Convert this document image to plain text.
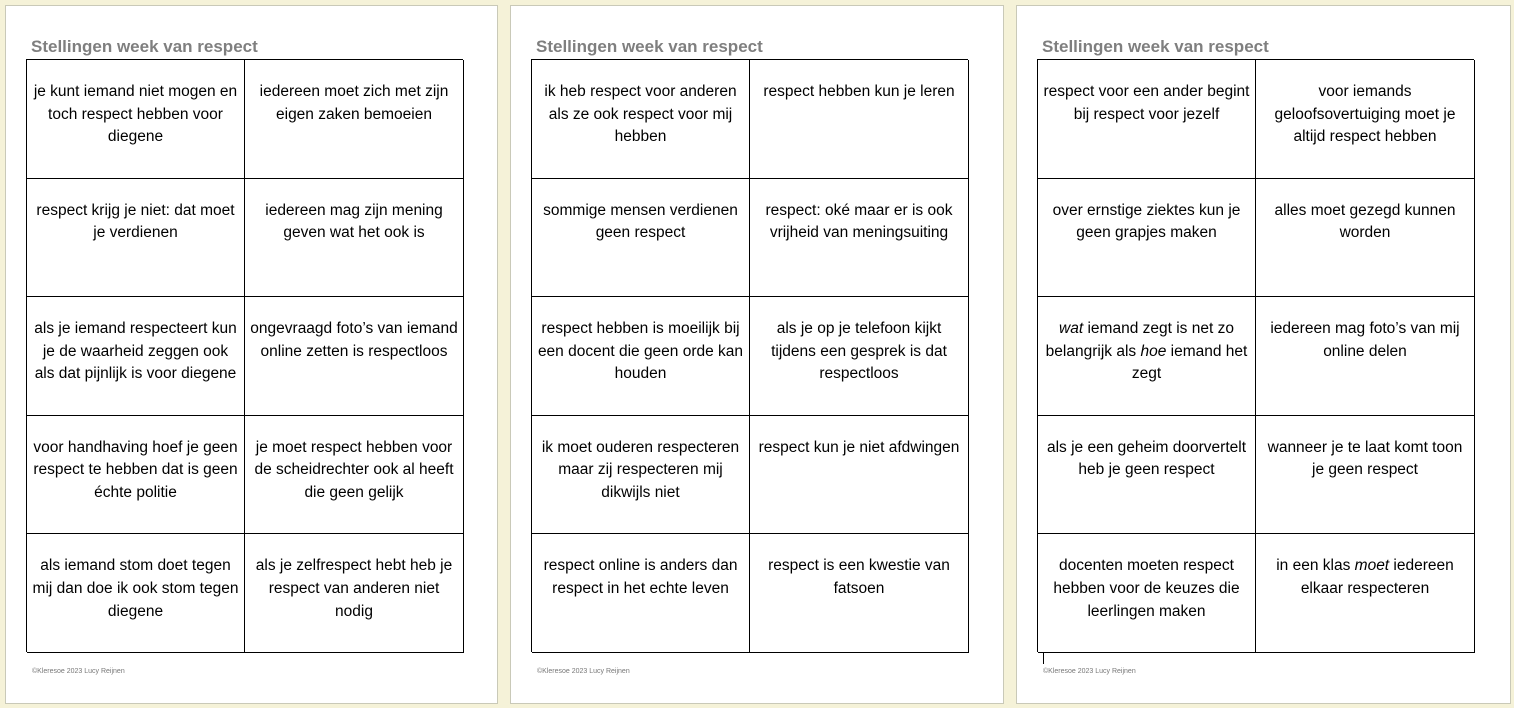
Stellingen week van respect
je kunt iemand niet mogen en toch respect hebben voor diegene
iedereen moet zich met zijn eigen zaken bemoeien
respect krijg je niet: dat moet je verdienen
iedereen mag zijn mening geven wat het ook is
als je iemand respecteert kun je de waarheid zeggen ook als dat pijnlijk is voor diegene
ongevraagd foto’s van iemand online zetten is respectloos
voor handhaving hoef je geen respect te hebben dat is geen échte politie
je moet respect hebben voor de scheidrechter ook al heeft die geen gelijk
als iemand stom doet tegen mij dan doe ik ook stom tegen diegene
als je zelfrespect hebt heb je respect van anderen niet nodig
©Kleresoe 2023 Lucy Reijnen
Stellingen week van respect
ik heb respect voor anderen als ze ook respect voor mij hebben
respect hebben kun je leren
sommige mensen verdienen geen respect
respect: oké maar er is ook vrijheid van meningsuiting
respect hebben is moeilijk bij een docent die geen orde kan houden
als je op je telefoon kijkt tijdens een gesprek is dat respectloos
ik moet ouderen respecteren maar zij respecteren mij dikwijls niet
respect kun je niet afdwingen
respect online is anders dan respect in het echte leven
respect is een kwestie van fatsoen
©Kleresoe 2023 Lucy Reijnen
Stellingen week van respect
respect voor een ander begint bij respect voor jezelf
voor iemands geloofsovertuiging moet je altijd respect hebben
over ernstige ziektes kun je geen grapjes maken
alles moet gezegd kunnen worden
wat iemand zegt is net zo belangrijk als hoe iemand het zegt
iedereen mag foto’s van mij online delen
als je een geheim doorvertelt heb je geen respect
wanneer je te laat komt toon je geen respect
docenten moeten respect hebben voor de keuzes die leerlingen maken
in een klas moet iedereen elkaar respecteren
©Kleresoe 2023 Lucy Reijnen
